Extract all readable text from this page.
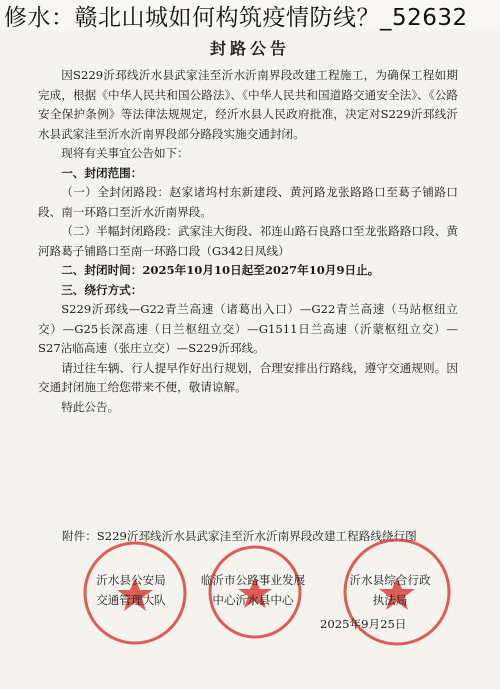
修水：赣北山城如何构筑疫情防线？_52632
封路公告

因S229沂邳线沂水县武家洼至沂水沂南界段改建工程施工，为确保工程如期完成，根据《中华人民共和国公路法》、《中华人民共和国道路交通安全法》、《公路安全保护条例》等法律法规规定，经沂水县人民政府批准，决定对S229沂邳线沂水县武家洼至沂水沂南界段部分路段实施交通封闭。

现将有关事宜公告如下：

一、封闭范围：

（一）全封闭路段：赵家诸坞村东新建段、黄河路龙张路路口至葛子铺路口段、南一环路口至沂水沂南界段。

（二）半幅封闭路段：武家洼大街段、祁连山路石良路口至龙张路路口段、黄河路葛子铺路口至南一环路口段（G342日凤线）

二、封闭时间：2025年10月10日起至2027年10月9日止。

三、绕行方式：

S229沂邳线—G22青兰高速（诸葛出入口）—G22青兰高速（马站枢纽立交）—G25长深高速（日兰枢纽立交）—G1511日兰高速（沂蒙枢纽立交）—S27沾临高速（张庄立交）—S229沂邳线。

请过往车辆、行人提早作好出行规划，合理安排出行路线，遵守交通规则。因交通封闭施工给您带来不便，敬请谅解。

特此公告。

附件：S229沂邳线沂水县武家洼至沂水沂南界段改建工程路线绕行图
沂水县公安局
交通管理大队
临沂市公路事业发展
中心沂水县中心
沂水县综合行政
执法局
2025年9月25日
